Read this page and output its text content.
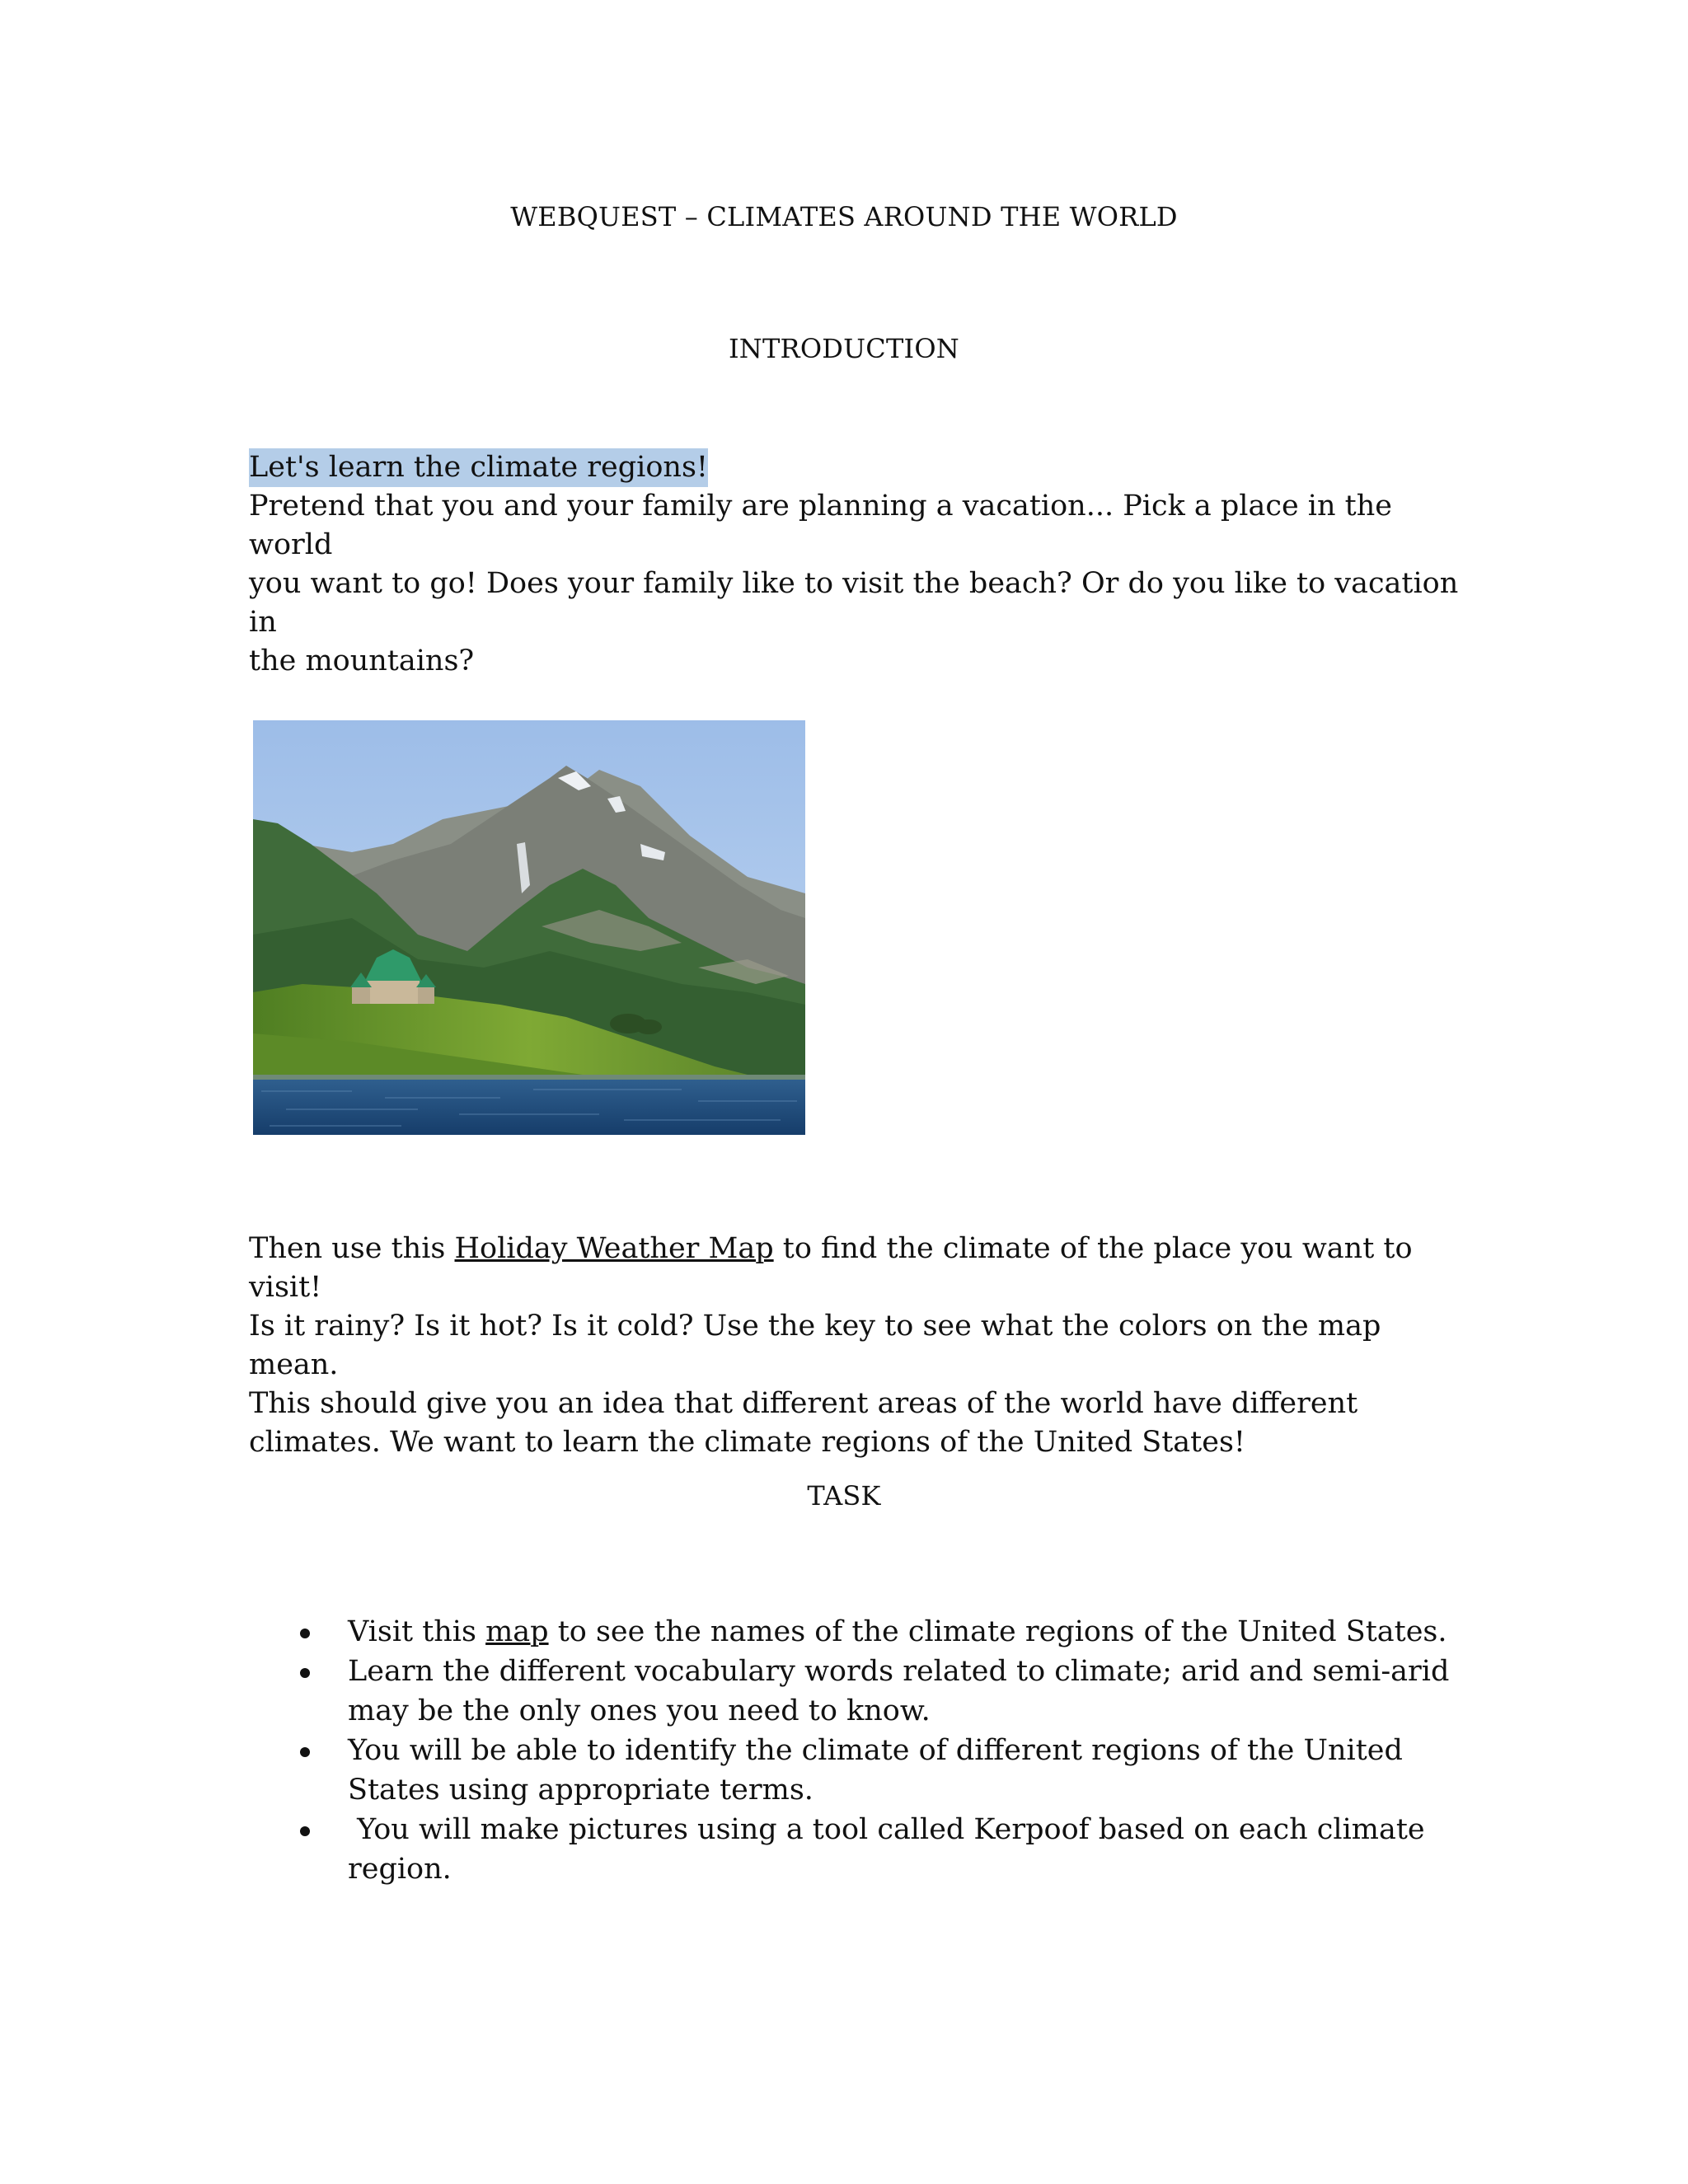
WEBQUEST – CLIMATES AROUND THE WORLD
INTRODUCTION
Let's learn the climate regions!
Pretend that you and your family are planning a vacation... Pick a place in the world
you want to go! Does your family like to visit the beach? Or do you like to vacation in
the mountains?
Then use this Holiday Weather Map to find the climate of the place you want to visit!
Is it rainy? Is it hot? Is it cold? Use the key to see what the colors on the map mean.
This should give you an idea that different areas of the world have different
climates. We want to learn the climate regions of the United States!
TASK
Visit this map to see the names of the climate regions of the United States.
Learn the different vocabulary words related to climate; arid and semi-arid
may be the only ones you need to know.
You will be able to identify the climate of different regions of the United
States using appropriate terms.
You will make pictures using a tool called Kerpoof based on each climate
region.
